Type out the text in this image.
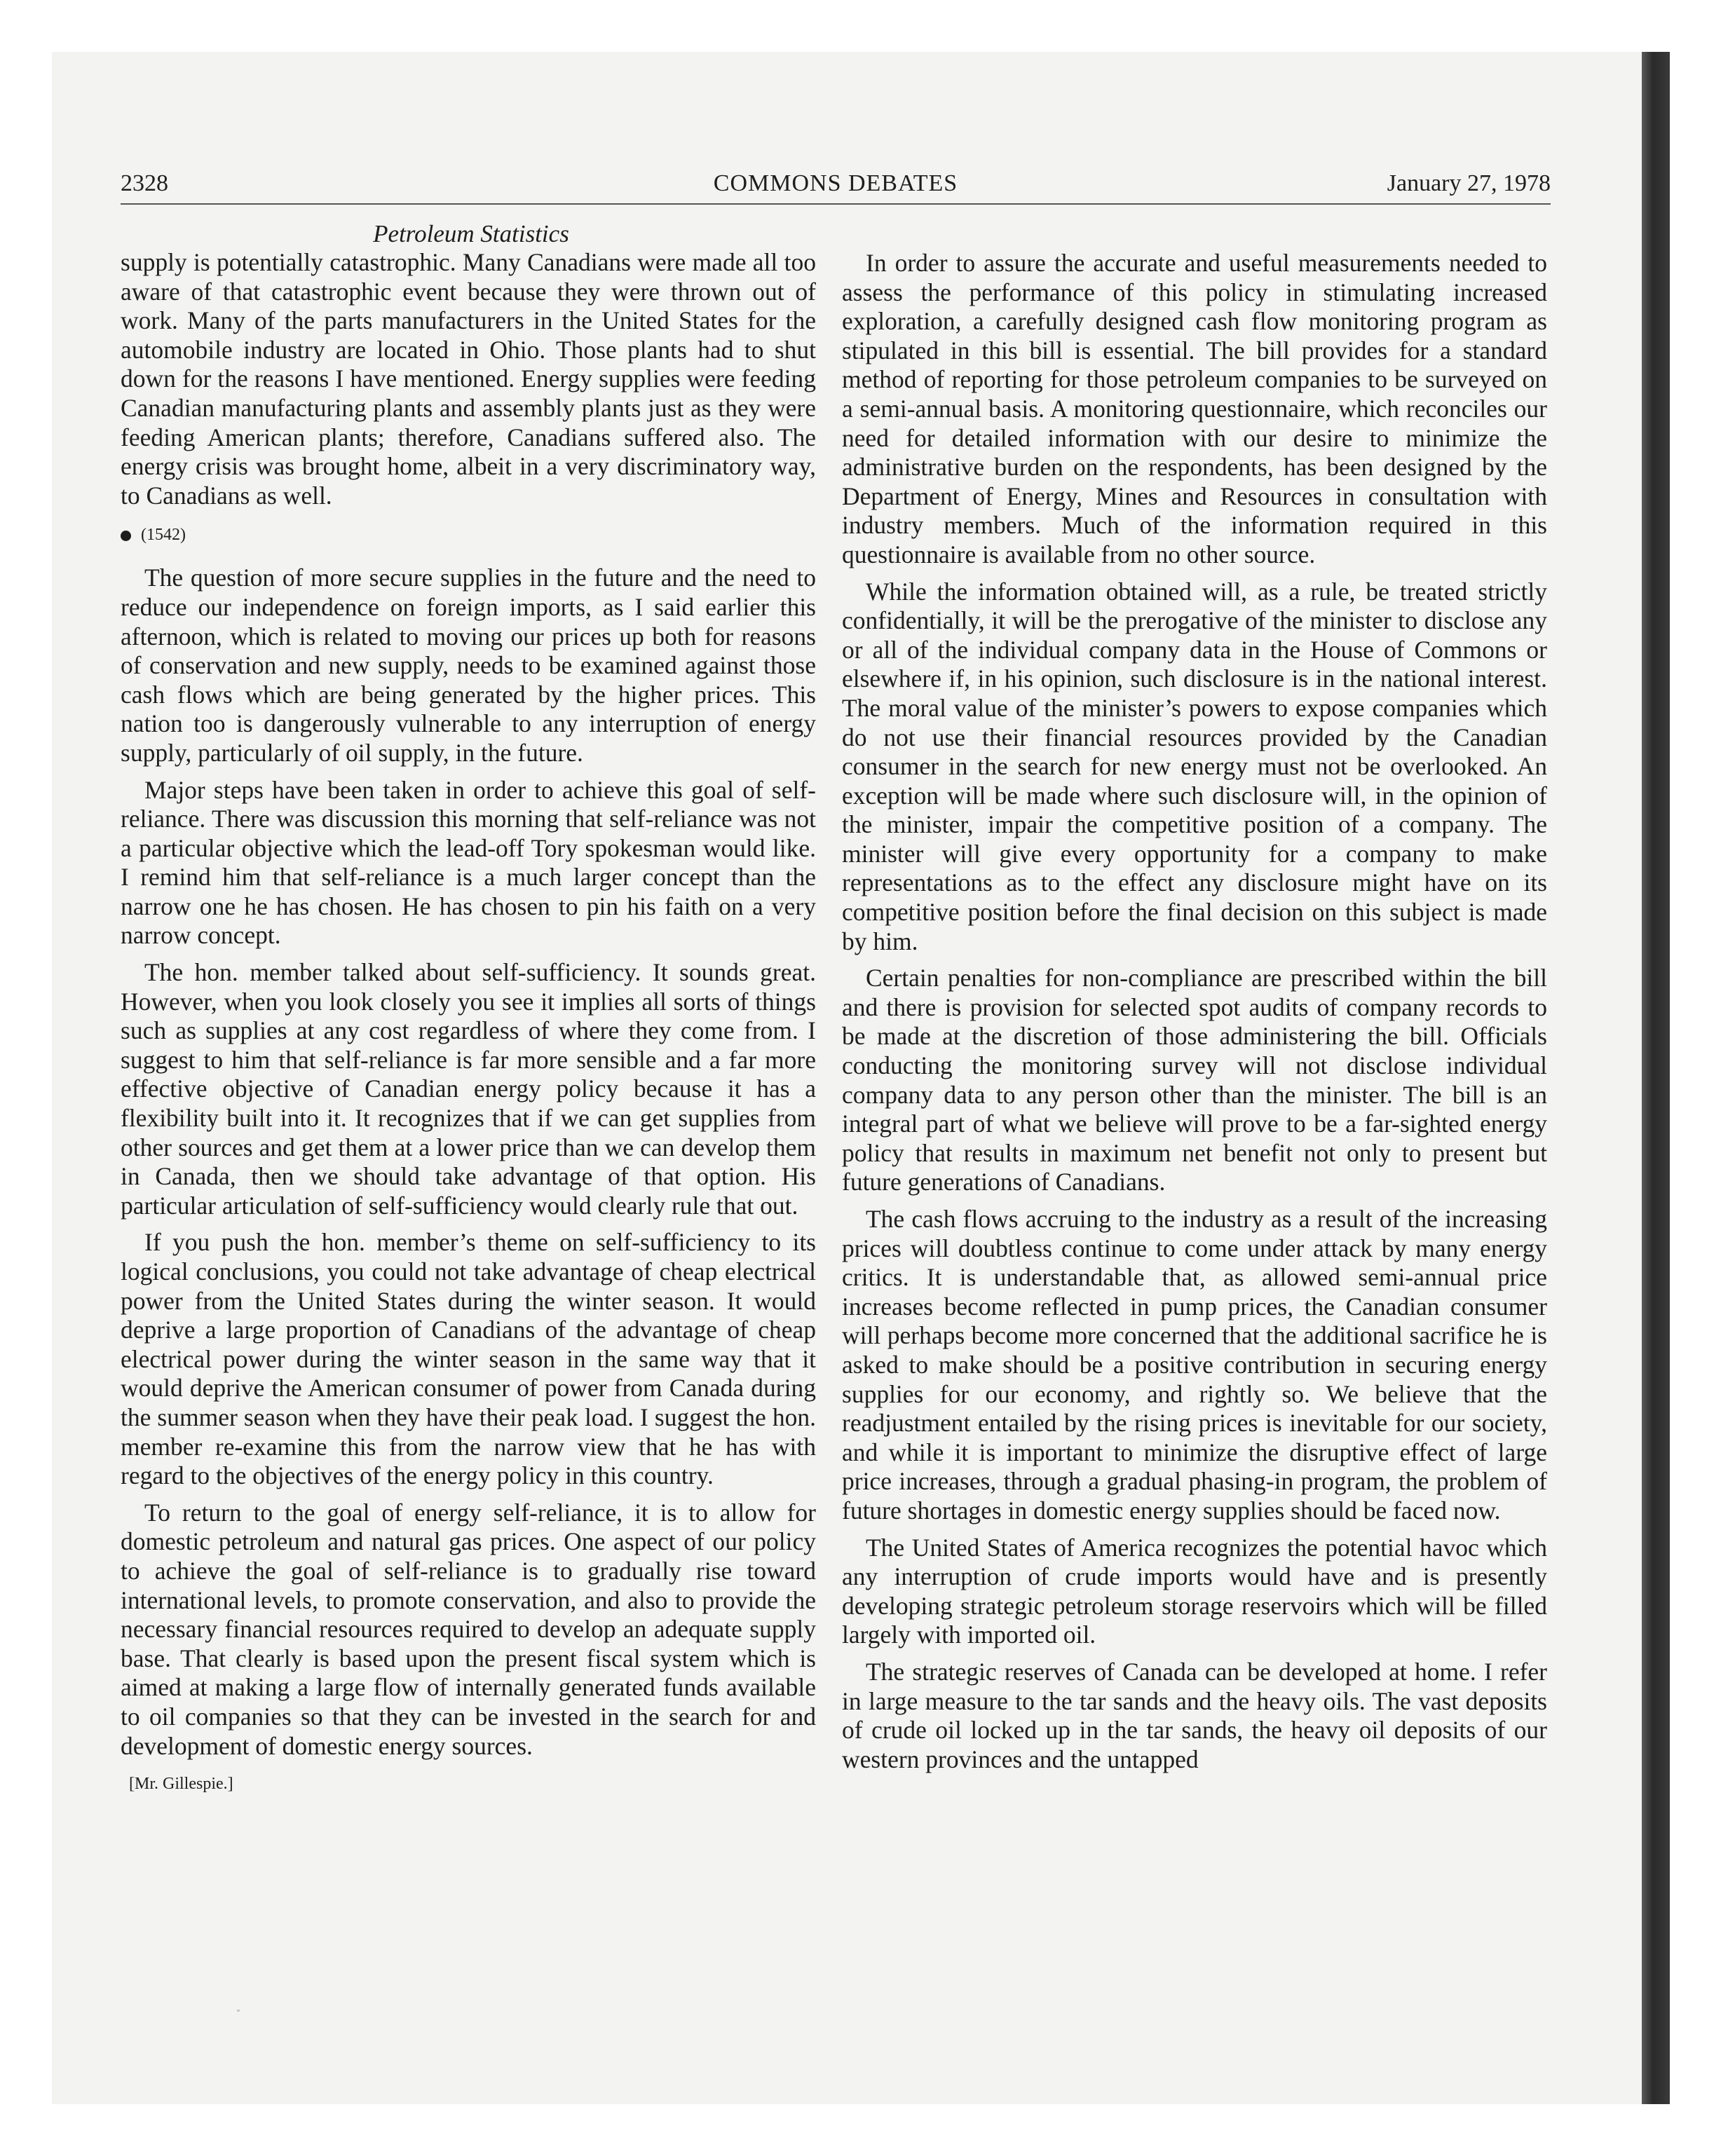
2328	COMMONS DEBATES	January 27, 1978
Petroleum Statistics

supply is potentially catastrophic. Many Canadians were made all too aware of that catastrophic event because they were thrown out of work. Many of the parts manufacturers in the United States for the automobile industry are located in Ohio. Those plants had to shut down for the reasons I have mentioned. Energy supplies were feeding Canadian manufacturing plants and assembly plants just as they were feeding American plants; therefore, Canadians suffered also. The energy crisis was brought home, albeit in a very discriminatory way, to Canadians as well.

(1542)

The question of more secure supplies in the future and the need to reduce our independence on foreign imports, as I said earlier this afternoon, which is related to moving our prices up both for reasons of conservation and new supply, needs to be examined against those cash flows which are being generated by the higher prices. This nation too is dangerously vulnerable to any interruption of energy supply, particularly of oil supply, in the future.

Major steps have been taken in order to achieve this goal of self-reliance. There was discussion this morning that self-reliance was not a particular objective which the lead-off Tory spokesman would like. I remind him that self-reliance is a much larger concept than the narrow one he has chosen. He has chosen to pin his faith on a very narrow concept.

The hon. member talked about self-sufficiency. It sounds great. However, when you look closely you see it implies all sorts of things such as supplies at any cost regardless of where they come from. I suggest to him that self-reliance is far more sensible and a far more effective objective of Canadian energy policy because it has a flexibility built into it. It recognizes that if we can get supplies from other sources and get them at a lower price than we can develop them in Canada, then we should take advantage of that option. His particular articulation of self-sufficiency would clearly rule that out.

If you push the hon. member’s theme on self-sufficiency to its logical conclusions, you could not take advantage of cheap electrical power from the United States during the winter season. It would deprive a large proportion of Canadians of the advantage of cheap electrical power during the winter season in the same way that it would deprive the American consumer of power from Canada during the summer season when they have their peak load. I suggest the hon. member re-examine this from the narrow view that he has with regard to the objectives of the energy policy in this country.

To return to the goal of energy self-reliance, it is to allow for domestic petroleum and natural gas prices. One aspect of our policy to achieve the goal of self-reliance is to gradually rise toward international levels, to promote conservation, and also to provide the necessary financial resources required to develop an adequate supply base. That clearly is based upon the present fiscal system which is aimed at making a large flow of internally generated funds available to oil companies so that they can be invested in the search for and development of domestic energy sources.

[Mr. Gillespie.]

In order to assure the accurate and useful measurements needed to assess the performance of this policy in stimulating increased exploration, a carefully designed cash flow monitoring program as stipulated in this bill is essential. The bill provides for a standard method of reporting for those petroleum companies to be surveyed on a semi-annual basis. A monitoring questionnaire, which reconciles our need for detailed information with our desire to minimize the administrative burden on the respondents, has been designed by the Department of Energy, Mines and Resources in consultation with industry members. Much of the information required in this questionnaire is available from no other source.

While the information obtained will, as a rule, be treated strictly confidentially, it will be the prerogative of the minister to disclose any or all of the individual company data in the House of Commons or elsewhere if, in his opinion, such disclosure is in the national interest. The moral value of the minister’s powers to expose companies which do not use their financial resources provided by the Canadian consumer in the search for new energy must not be overlooked. An exception will be made where such disclosure will, in the opinion of the minister, impair the competitive position of a company. The minister will give every opportunity for a company to make representations as to the effect any disclosure might have on its competitive position before the final decision on this subject is made by him.

Certain penalties for non-compliance are prescribed within the bill and there is provision for selected spot audits of company records to be made at the discretion of those administering the bill. Officials conducting the monitoring survey will not disclose individual company data to any person other than the minister. The bill is an integral part of what we believe will prove to be a far-sighted energy policy that results in maximum net benefit not only to present but future generations of Canadians.

The cash flows accruing to the industry as a result of the increasing prices will doubtless continue to come under attack by many energy critics. It is understandable that, as allowed semi-annual price increases become reflected in pump prices, the Canadian consumer will perhaps become more concerned that the additional sacrifice he is asked to make should be a positive contribution in securing energy supplies for our economy, and rightly so. We believe that the readjustment entailed by the rising prices is inevitable for our society, and while it is important to minimize the disruptive effect of large price increases, through a gradual phasing-in program, the problem of future shortages in domestic energy supplies should be faced now.

The United States of America recognizes the potential havoc which any interruption of crude imports would have and is presently developing strategic petroleum storage reservoirs which will be filled largely with imported oil.

The strategic reserves of Canada can be developed at home. I refer in large measure to the tar sands and the heavy oils. The vast deposits of crude oil locked up in the tar sands, the heavy oil deposits of our western provinces and the untapped
